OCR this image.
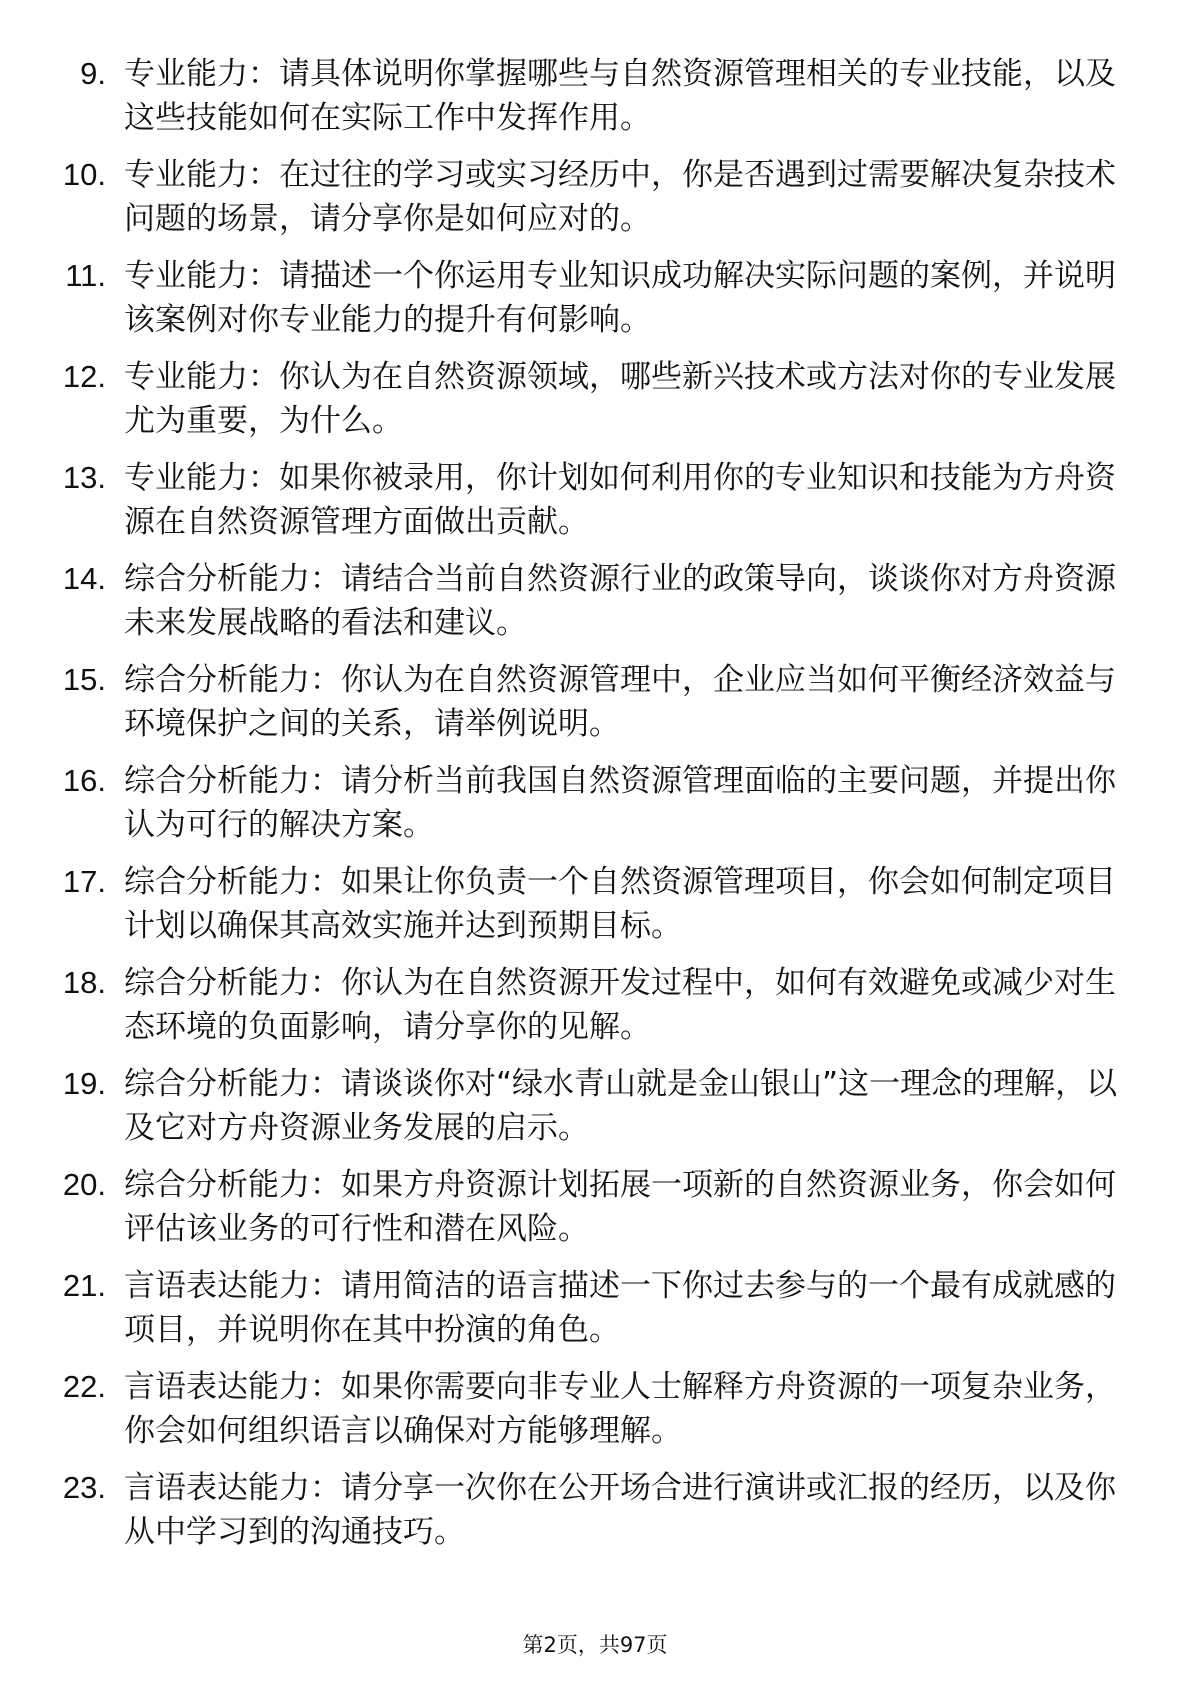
9. 专业能力：请具体说明你掌握哪些与自然资源管理相关的专业技能，以及这些技能如何在实际工作中发挥作用。
10. 专业能力：在过往的学习或实习经历中，你是否遇到过需要解决复杂技术问题的场景，请分享你是如何应对的。
11. 专业能力：请描述一个你运用专业知识成功解决实际问题的案例，并说明该案例对你专业能力的提升有何影响。
12. 专业能力：你认为在自然资源领域，哪些新兴技术或方法对你的专业发展尤为重要，为什么。
13. 专业能力：如果你被录用，你计划如何利用你的专业知识和技能为方舟资源在自然资源管理方面做出贡献。
14. 综合分析能力：请结合当前自然资源行业的政策导向，谈谈你对方舟资源未来发展战略的看法和建议。
15. 综合分析能力：你认为在自然资源管理中，企业应当如何平衡经济效益与环境保护之间的关系，请举例说明。
16. 综合分析能力：请分析当前我国自然资源管理面临的主要问题，并提出你认为可行的解决方案。
17. 综合分析能力：如果让你负责一个自然资源管理项目，你会如何制定项目计划以确保其高效实施并达到预期目标。
18. 综合分析能力：你认为在自然资源开发过程中，如何有效避免或减少对生态环境的负面影响，请分享你的见解。
19. 综合分析能力：请谈谈你对“绿水青山就是金山银山”这一理念的理解，以及它对方舟资源业务发展的启示。
20. 综合分析能力：如果方舟资源计划拓展一项新的自然资源业务，你会如何评估该业务的可行性和潜在风险。
21. 言语表达能力：请用简洁的语言描述一下你过去参与的一个最有成就感的项目，并说明你在其中扮演的角色。
22. 言语表达能力：如果你需要向非专业人士解释方舟资源的一项复杂业务，你会如何组织语言以确保对方能够理解。
23. 言语表达能力：请分享一次你在公开场合进行演讲或汇报的经历，以及你从中学习到的沟通技巧。
第2页，共97页
